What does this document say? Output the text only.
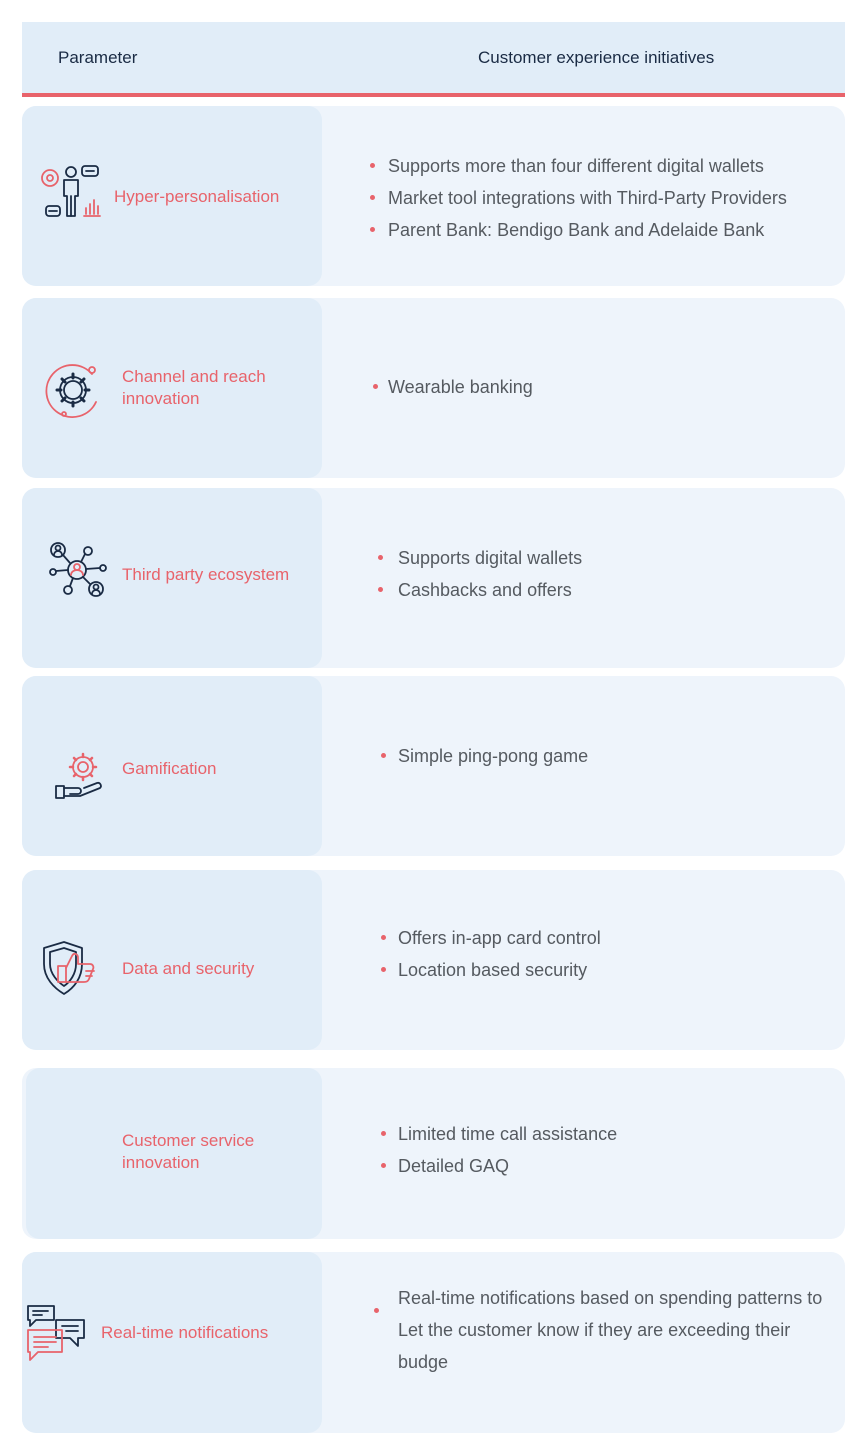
Parameter	Customer experience initiatives
Hyper-personalisation
Supports more than four different digital wallets
Market tool integrations with Third-Party Providers
Parent Bank: Bendigo Bank and Adelaide Bank
Channel and reach innovation
Wearable banking
Third party ecosystem
Supports digital wallets
Cashbacks and offers
Gamification
Simple ping-pong game
Data and security
Offers in-app card control
Location based security
Customer service innovation
Limited time call assistance
Detailed GAQ
Real-time notifications
Real-time notifications based on spending patterns to Let the customer know if they are exceeding their budge
